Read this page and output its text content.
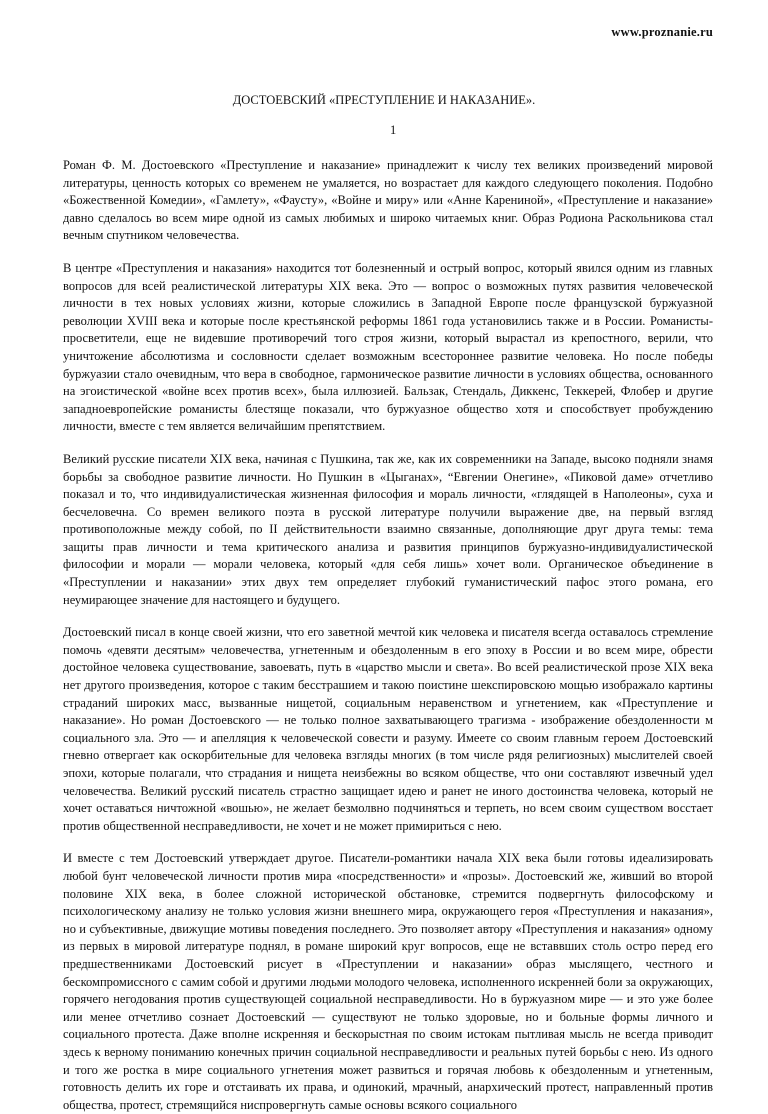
www.proznanie.ru
ДОСТОЕВСКИЙ «ПРЕСТУПЛЕНИЕ И НАКАЗАНИЕ».
1

Роман Ф. М. Достоевского «Преступление и наказание» принадлежит к числу тех великих произведений мировой литературы, ценность которых со временем не умаляется, но возрастает для каждого следующего поколения. Подобно «Божественной Комедии», «Гамлету», «Фаусту», «Войне и миру» или «Анне Карениной», «Преступление и наказание» давно сделалось во всем мире одной из самых любимых и широко читаемых книг. Образ Родиона Раскольникова стал вечным спутником человечества.

В центре «Преступления и наказания» находится тот болезненный и острый вопрос, который явился одним из главных вопросов для всей реалистической литературы XIX века. Это — вопрос о возможных путях развития человеческой личности в тех новых условиях жизни, которые сложились в Западной Европе после французской буржуазной революции XVIII века и которые после крестьянской реформы 1861 года установились также и в России. Романисты-просветители, еще не видевшие противоречий того строя жизни, который вырастал из крепостного, верили, что уничтожение абсолютизма и сословности сделает возможным всестороннее развитие человека. Но после победы буржуазии стало очевидным, что вера в свободное, гармоническое развитие личности в условиях общества, основанного на эгоистической «войне всех против всех», была иллюзией. Бальзак, Стендаль, Диккенс, Теккерей, Флобер и другие западноевропейские романисты блестяще показали, что буржуазное общество хотя и способствует пробуждению личности, вместе с тем является величайшим препятствием.

Великий русские писатели XIX века, начиная с Пушкина, так же, как их современники на Западе, высоко подняли знамя борьбы за свободное развитие личности. Но Пушкин в «Цыганах», “Евгении Онегине», «Пиковой даме» отчетливо показал и то, что индивидуалистическая жизненная философия и мораль личности, «глядящей в Наполеоны», суха и бесчеловечна. Со времен великого поэта в русской литературе получили выражение две, на первый взгляд противоположные между собой, по II действительности взаимно связанные, дополняющие друг друга темы: тема защиты прав личности и тема критического анализа и развития принципов буржуазно-индивидуалистической философии и морали — морали человека, который «для себя лишь» хочет воли. Органическое объединение в «Преступлении и наказании» этих двух тем определяет глубокий гуманистический пафос этого романа, его неумирающее значение для настоящего и будущего.

Достоевский писал в конце своей жизни, что его заветной мечтой кик человека и писателя всегда оставалось стремление помочь «девяти десятым» человечества, угнетенным и обездоленным в его эпоху в России и во всем мире, обрести достойное человека существование, завоевать, путь в «царство мысли и света». Во всей реалистической прозе XIX века нет другого произведения, которое с таким бесстрашием и такою поистине шекспировскою мощью изображало картины страданий широких масс, вызванные нищетой, социальным неравенством и угнетением, как «Преступление и наказание». Но роман Достоевского — не только полное захватывающего трагизма - изображение обездоленности м социального зла. Это — и апелляция к человеческой совести и разуму. Имеете со своим главным героем Достоевский гневно отвергает как оскорбительные для человека взгляды многих (в том числе рядя религиозных) мыслителей своей эпохи, которые полагали, что страдания и нищета неизбежны во всяком обществе, что они составляют извечный удел человечества. Великий русский писатель страстно защищает идею и ранет не иного достоинства человека, который не хочет оставаться ничтожной «вошью», не желает безмолвно подчиняться и терпеть, но всем своим существом восстает против общественной несправедливости, не хочет и не может примириться с нею.

И вместе с тем Достоевский утверждает другое. Писатели-романтики начала XIX века были готовы идеализировать любой бунт человеческой личности против мира «посредственности» и «прозы». Достоевский же, живший во второй половине XIX века, в более сложной исторической обстановке, стремится подвергнуть философскому и психологическому анализу не только условия жизни внешнего мира, окружающего героя «Преступления и наказания», но и субъективные, движущие мотивы поведения последнего. Это позволяет автору «Преступления и наказания» одному из первых в мировой литературе поднял, в романе широкий круг вопросов, еще не вставвших столь остро перед его предшественниками Достоевский рисует в «Преступлении и наказании» образ мыслящего, честного и бескомпромиссного с самим собой и другими людьми молодого человека, исполненного искренней боли за окружающих, горячего негодования против существующей социальной несправедливости. Но в буржуазном мире — и это уже более или менее отчетливо сознает Достоевский — существуют не только здоровые, но и больные формы личного и социального протеста. Даже вполне искренняя и бескорыстная по своим истокам пытливая мысль не всегда приводит здесь к верному пониманию конечных причин социальной несправедливости и реальных путей борьбы с нею. Из одного и того же ростка в мире социального угнетения может развиться и горячая любовь к обездоленным и угнетенным, готовность делить их горе и отстаивать их права, и одинокий, мрачный, анархический протест, направленный против общества, протест, стремящийся ниспровергнуть самые основы всякого социального
